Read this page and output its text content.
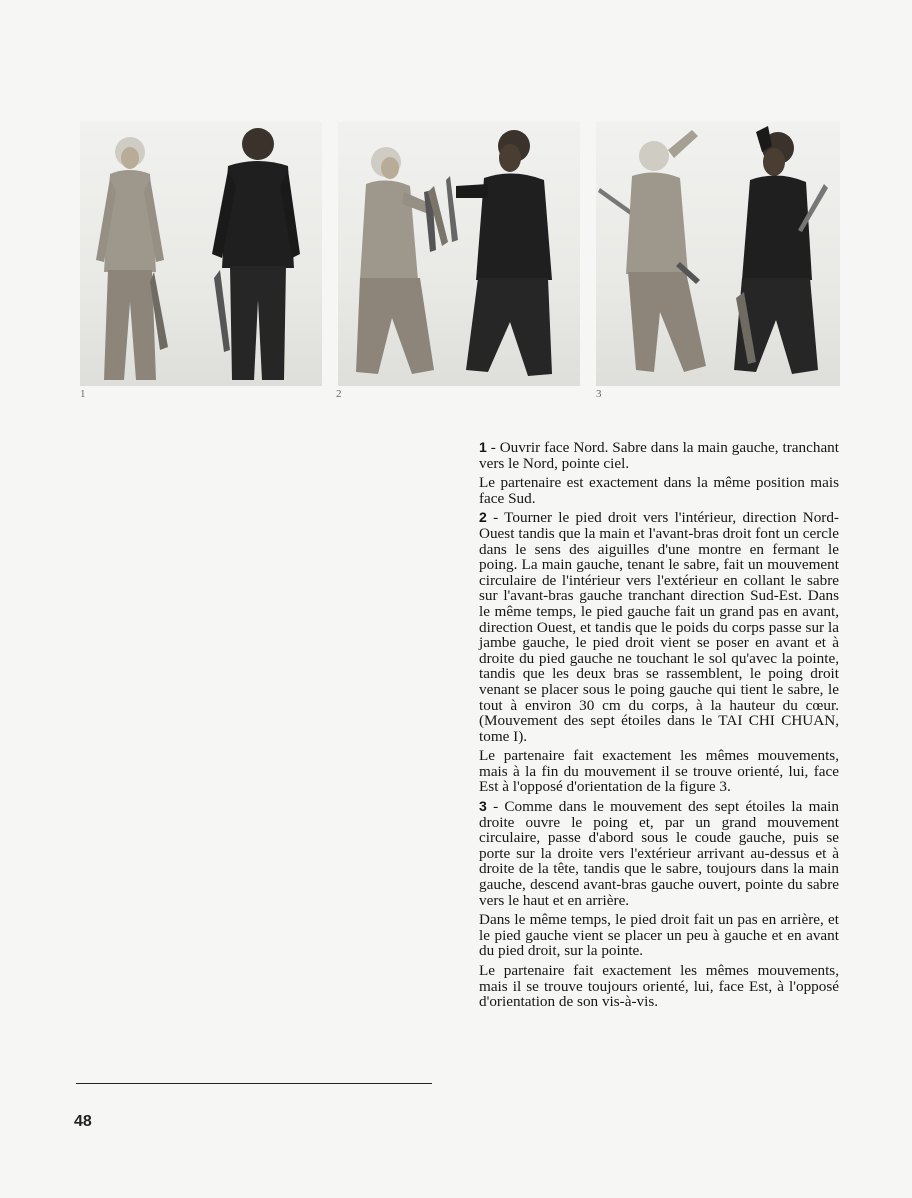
1	2	3

1 - Ouvrir face Nord. Sabre dans la main gauche, tranchant vers le Nord, pointe ciel.

Le partenaire est exactement dans la même position mais face Sud.

2 - Tourner le pied droit vers l'intérieur, direction Nord-Ouest tandis que la main et l'avant-bras droit font un cercle dans le sens des aiguilles d'une montre en fermant le poing. La main gauche, tenant le sabre, fait un mouvement circulaire de l'intérieur vers l'extérieur en collant le sabre sur l'avant-bras gauche tranchant direction Sud-Est. Dans le même temps, le pied gauche fait un grand pas en avant, direction Ouest, et tandis que le poids du corps passe sur la jambe gauche, le pied droit vient se poser en avant et à droite du pied gauche ne touchant le sol qu'avec la pointe, tandis que les deux bras se rassemblent, le poing droit venant se placer sous le poing gauche qui tient le sabre, le tout à environ 30 cm du corps, à la hauteur du cœur. (Mouvement des sept étoiles dans le TAI CHI CHUAN, tome I).

Le partenaire fait exactement les mêmes mouvements, mais à la fin du mouvement il se trouve orienté, lui, face Est à l'opposé d'orientation de la figure 3.

3 - Comme dans le mouvement des sept étoiles la main droite ouvre le poing et, par un grand mouvement circulaire, passe d'abord sous le coude gauche, puis se porte sur la droite vers l'extérieur arrivant au-dessus et à droite de la tête, tandis que le sabre, toujours dans la main gauche, descend avant-bras gauche ouvert, pointe du sabre vers le haut et en arrière.

Dans le même temps, le pied droit fait un pas en arrière, et le pied gauche vient se placer un peu à gauche et en avant du pied droit, sur la pointe.

Le partenaire fait exactement les mêmes mouvements, mais il se trouve toujours orienté, lui, face Est, à l'opposé d'orientation de son vis-à-vis.

48
